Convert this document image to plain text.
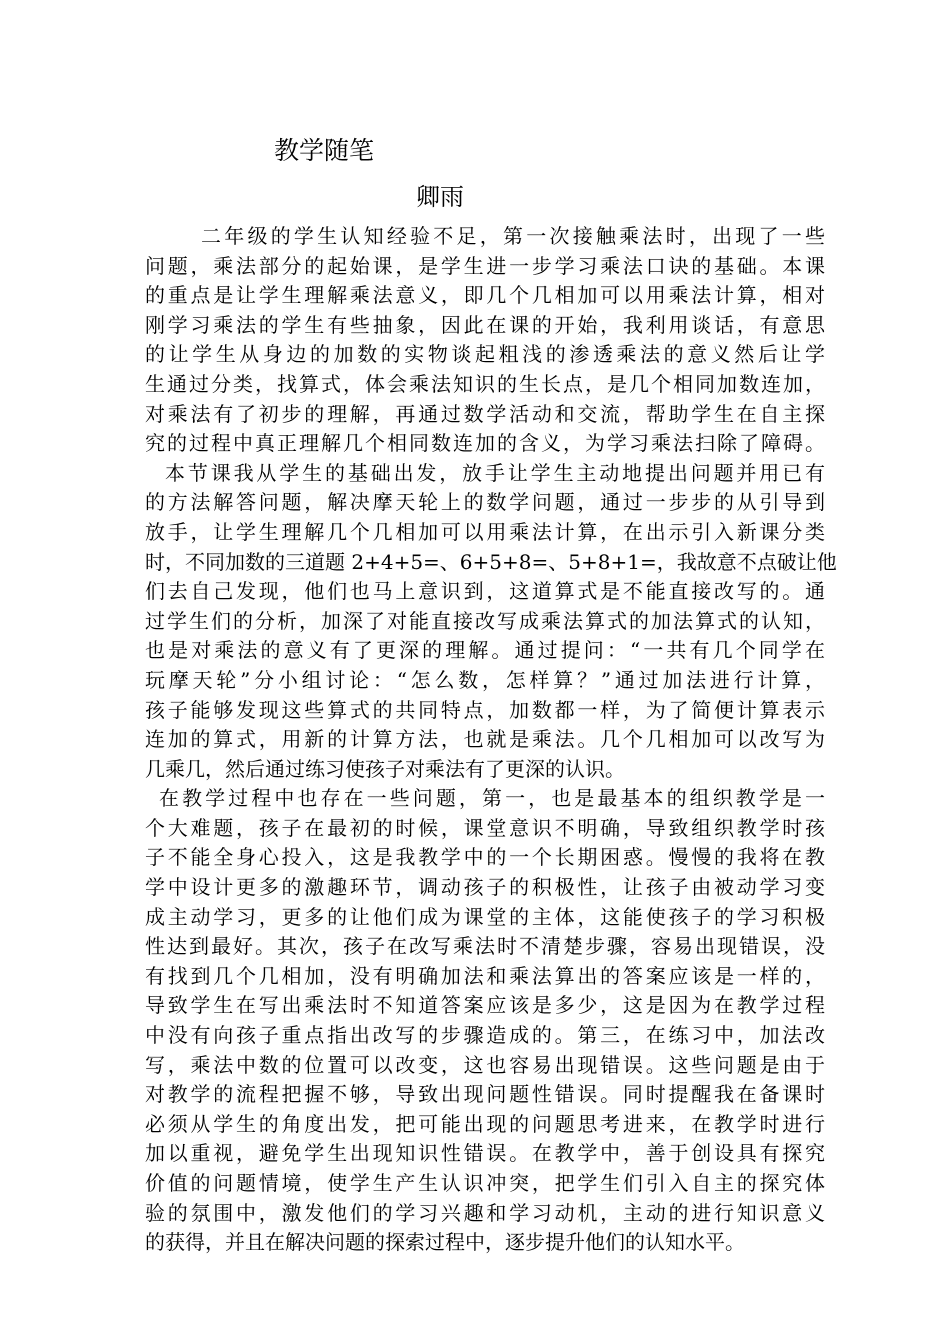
教学随笔
卿雨
二年级的学生认知经验不足，第一次接触乘法时，出现了一些
问题，乘法部分的起始课，是学生进一步学习乘法口诀的基础。本课
的重点是让学生理解乘法意义，即几个几相加可以用乘法计算，相对
刚学习乘法的学生有些抽象，因此在课的开始，我利用谈话，有意思
的让学生从身边的加数的实物谈起粗浅的渗透乘法的意义然后让学
生通过分类，找算式，体会乘法知识的生长点，是几个相同加数连加，
对乘法有了初步的理解，再通过数学活动和交流，帮助学生在自主探
究的过程中真正理解几个相同数连加的含义，为学习乘法扫除了障碍。
本节课我从学生的基础出发，放手让学生主动地提出问题并用已有
的方法解答问题，解决摩天轮上的数学问题，通过一步步的从引导到
放手，让学生理解几个几相加可以用乘法计算，在出示引入新课分类
时，不同加数的三道题 2+4+5=、6+5+8=、5+8+1=，我故意不点破让他
们去自己发现，他们也马上意识到，这道算式是不能直接改写的。通
过学生们的分析，加深了对能直接改写成乘法算式的加法算式的认知，
也是对乘法的意义有了更深的理解。通过提问：“一共有几个同学在
玩摩天轮”分小组讨论：“怎么数，怎样算？”通过加法进行计算，
孩子能够发现这些算式的共同特点，加数都一样，为了简便计算表示
连加的算式，用新的计算方法，也就是乘法。几个几相加可以改写为
几乘几，然后通过练习使孩子对乘法有了更深的认识。
在教学过程中也存在一些问题，第一，也是最基本的组织教学是一
个大难题，孩子在最初的时候，课堂意识不明确，导致组织教学时孩
子不能全身心投入，这是我教学中的一个长期困惑。慢慢的我将在教
学中设计更多的激趣环节，调动孩子的积极性，让孩子由被动学习变
成主动学习，更多的让他们成为课堂的主体，这能使孩子的学习积极
性达到最好。其次，孩子在改写乘法时不清楚步骤，容易出现错误，没
有找到几个几相加，没有明确加法和乘法算出的答案应该是一样的，
导致学生在写出乘法时不知道答案应该是多少，这是因为在教学过程
中没有向孩子重点指出改写的步骤造成的。第三，在练习中，加法改
写，乘法中数的位置可以改变，这也容易出现错误。这些问题是由于
对教学的流程把握不够，导致出现问题性错误。同时提醒我在备课时
必须从学生的角度出发，把可能出现的问题思考进来，在教学时进行
加以重视，避免学生出现知识性错误。在教学中，善于创设具有探究
价值的问题情境，使学生产生认识冲突，把学生们引入自主的探究体
验的氛围中，激发他们的学习兴趣和学习动机，主动的进行知识意义
的获得，并且在解决问题的探索过程中，逐步提升他们的认知水平。
